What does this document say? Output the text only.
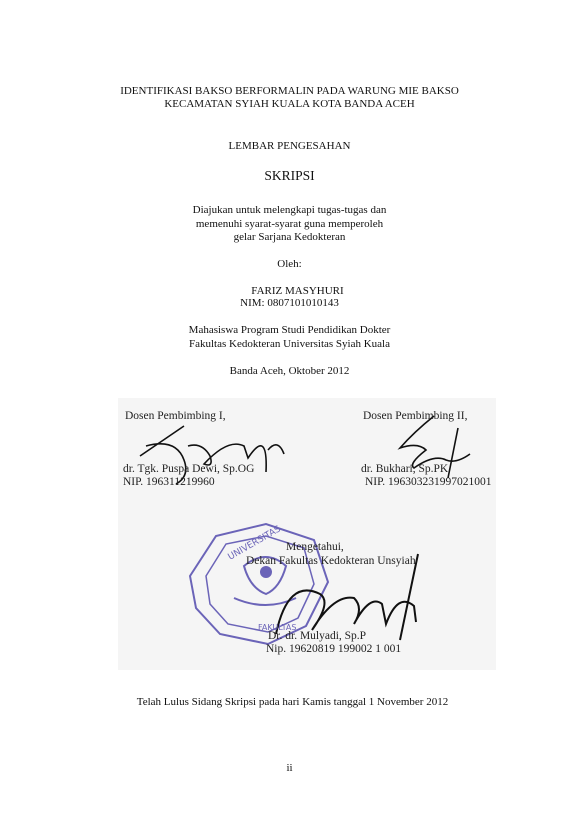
IDENTIFIKASI BAKSO BERFORMALIN PADA WARUNG MIE BAKSO
KECAMATAN SYIAH KUALA KOTA BANDA ACEH
LEMBAR PENGESAHAN
SKRIPSI
Diajukan untuk melengkapi tugas-tugas dan
memenuhi syarat-syarat guna memperoleh
gelar Sarjana Kedokteran
Oleh:
FARIZ MASYHURI
NIM: 0807101010143
Mahasiswa Program Studi Pendidikan Dokter
Fakultas Kedokteran Universitas Syiah Kuala
Banda Aceh, Oktober 2012
UNIVERSITAS
FAKULTAS
Dosen Pembimbing I,
dr. Tgk. Puspa Dewi, Sp.OG
NIP. 196311219960
Dosen Pembimbing II,
dr. Bukhari, Sp.PK
NIP. 196303231997021001
Mengetahui,
Dekan Fakultas Kedokteran Unsyiah
Dr. dr. Mulyadi, Sp.P
Nip. 19620819 199002 1 001
Telah Lulus Sidang Skripsi pada hari Kamis tanggal 1 November 2012
ii
